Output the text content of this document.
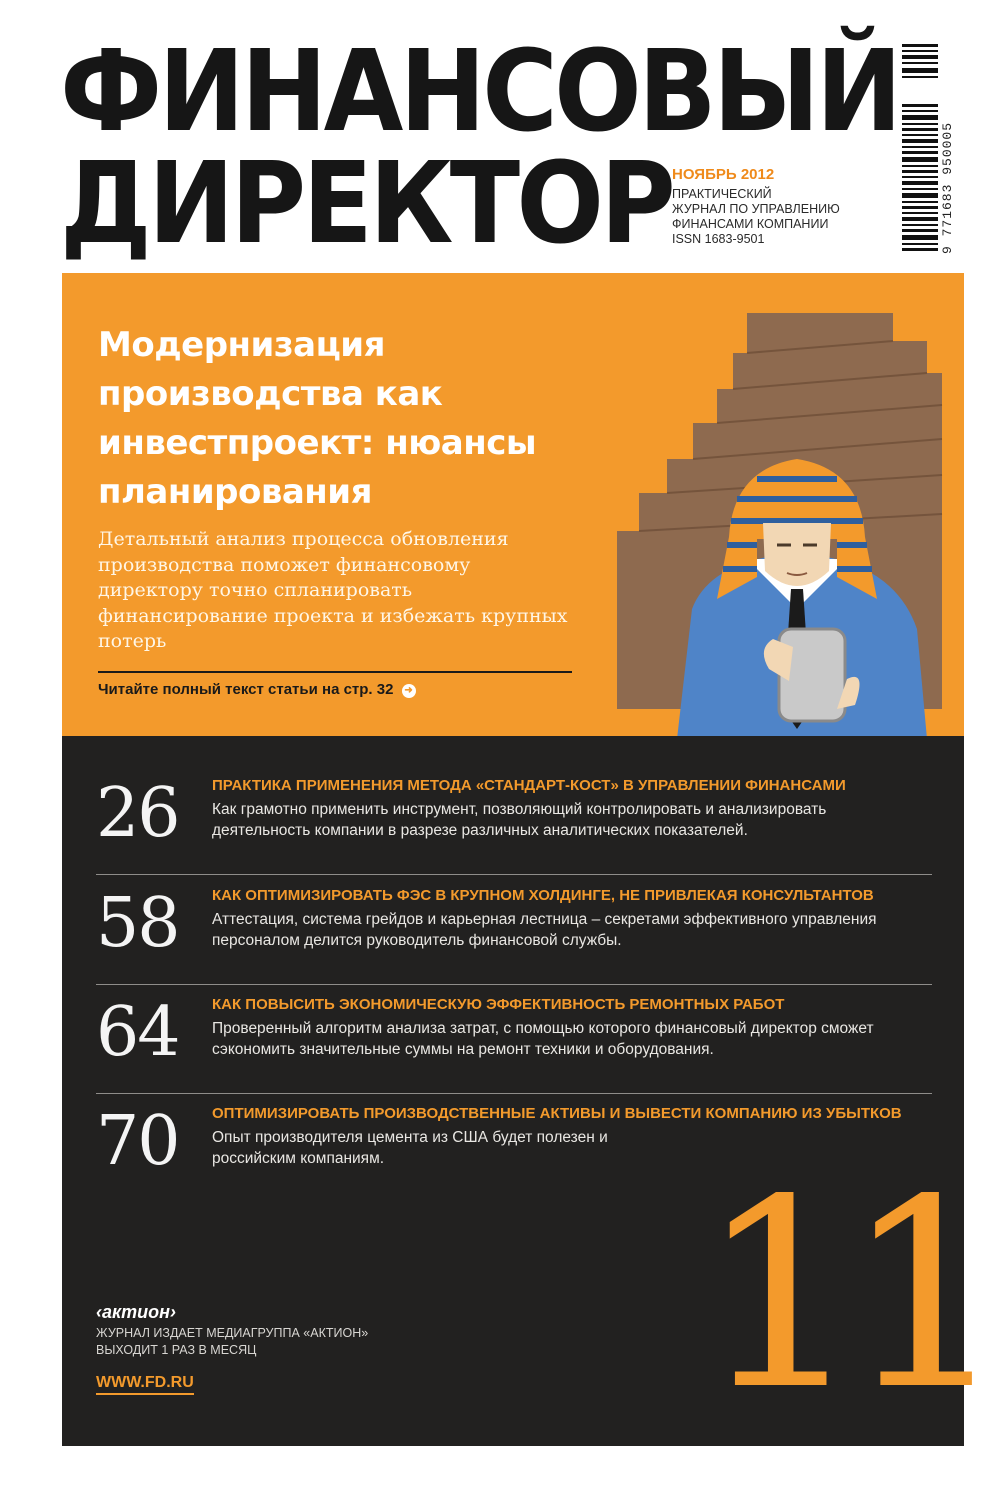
ФИНАНСОВЫЙ
ДИРЕКТОР НОЯБРЬ 2012
ПРАКТИЧЕСКИЙ
ЖУРНАЛ ПО УПРАВЛЕНИЮ
ФИНАНСАМИ КОМПАНИИ
ISSN 1683-9501	9 771683 950005
Модернизация производства как инвестпроект: нюансы планирования

Детальный анализ процесса обновления производства поможет финансовому директору точно спланировать финансирование проекта и избежать крупных потерь

Читайте полный текст статьи на стр. 32 ➜
26 ПРАКТИКА ПРИМЕНЕНИЯ МЕТОДА «СТАНДАРТ-КОСТ» В УПРАВЛЕНИИ ФИНАНСАМИ
Как грамотно применить инструмент, позволяющий контролировать и анализировать деятельность компании в разрезе различных аналитических показателей.
58 КАК ОПТИМИЗИРОВАТЬ ФЭС В КРУПНОМ ХОЛДИНГЕ, НЕ ПРИВЛЕКАЯ КОНСУЛЬТАНТОВ
Аттестация, система грейдов и карьерная лестница – секретами эффективного управления персоналом делится руководитель финансовой службы.
64 КАК ПОВЫСИТЬ ЭКОНОМИЧЕСКУЮ ЭФФЕКТИВНОСТЬ РЕМОНТНЫХ РАБОТ
Проверенный алгоритм анализа затрат, с помощью которого финансовый директор сможет сэкономить значительные суммы на ремонт техники и оборудования.
70 ОПТИМИЗИРОВАТЬ ПРОИЗВОДСТВЕННЫЕ АКТИВЫ И ВЫВЕСТИ КОМПАНИЮ ИЗ УБЫТКОВ
Опыт производителя цемента из США будет полезен и российским компаниям.	11
‹актион›
ЖУРНАЛ ИЗДАЕТ МЕДИАГРУППА «АКТИОН»
ВЫХОДИТ 1 РАЗ В МЕСЯЦ
WWW.FD.RU
